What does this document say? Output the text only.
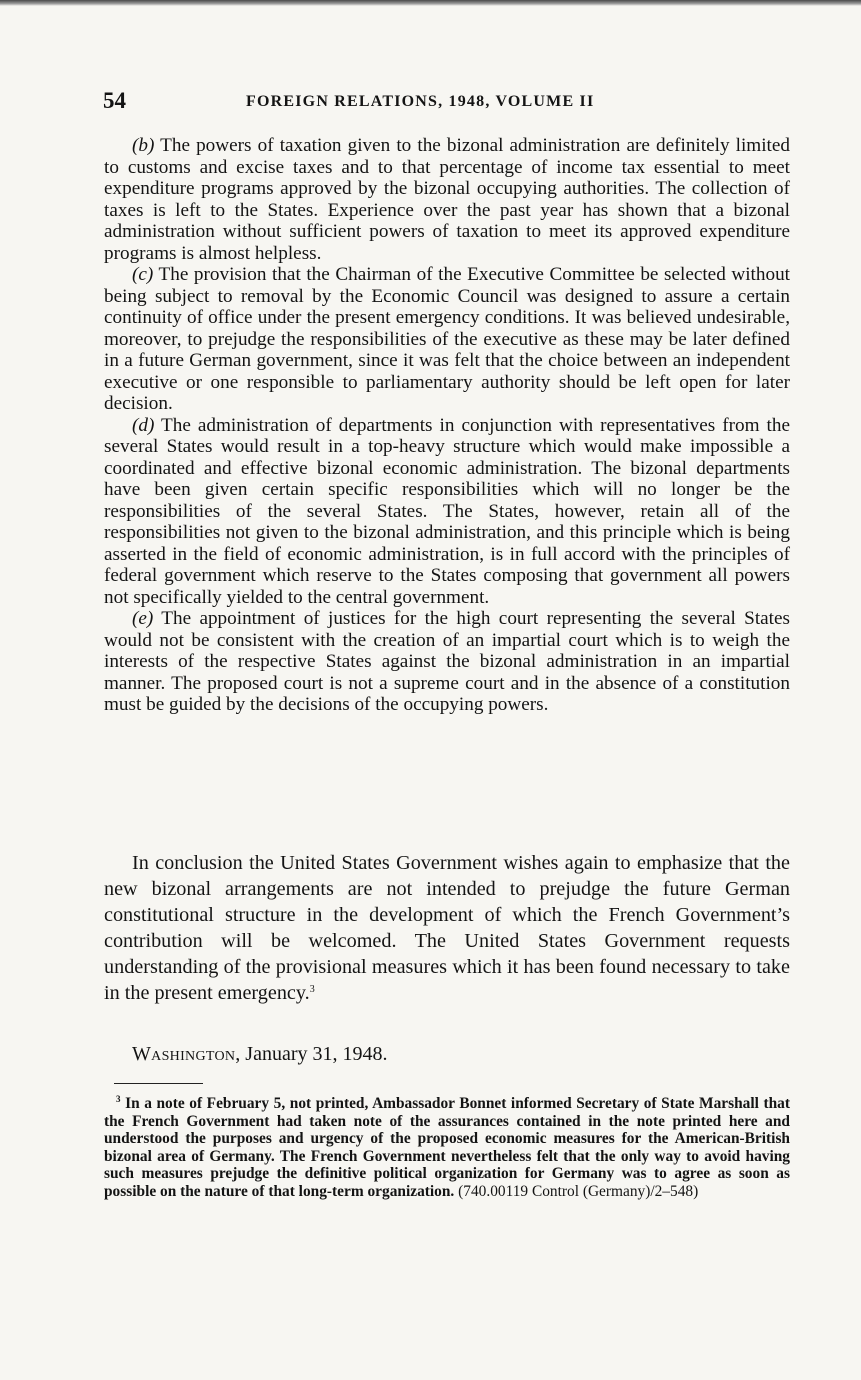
54	FOREIGN RELATIONS, 1948, VOLUME II

(b) The powers of taxation given to the bizonal administration are definitely limited to customs and excise taxes and to that percentage of income tax essential to meet expenditure programs approved by the bizonal occupying authorities. The collection of taxes is left to the States. Experience over the past year has shown that a bizonal administration without sufficient powers of taxation to meet its approved expenditure programs is almost helpless.

(c) The provision that the Chairman of the Executive Committee be selected without being subject to removal by the Economic Council was designed to assure a certain continuity of office under the present emergency conditions. It was believed undesirable, moreover, to prejudge the responsibilities of the executive as these may be later defined in a future German government, since it was felt that the choice between an independent executive or one responsible to parliamentary authority should be left open for later decision.

(d) The administration of departments in conjunction with representatives from the several States would result in a top-heavy structure which would make impossible a coordinated and effective bizonal economic administration. The bizonal departments have been given certain specific responsibilities which will no longer be the responsibilities of the several States. The States, however, retain all of the responsibilities not given to the bizonal administration, and this principle which is being asserted in the field of economic administration, is in full accord with the principles of federal government which reserve to the States composing that government all powers not specifically yielded to the central government.

(e) The appointment of justices for the high court representing the several States would not be consistent with the creation of an impartial court which is to weigh the interests of the respective States against the bizonal administration in an impartial manner. The proposed court is not a supreme court and in the absence of a constitution must be guided by the decisions of the occupying powers.

In conclusion the United States Government wishes again to emphasize that the new bizonal arrangements are not intended to prejudge the future German constitutional structure in the development of which the French Government’s contribution will be welcomed. The United States Government requests understanding of the provisional measures which it has been found necessary to take in the present emergency.$^3$

Washington, January 31, 1948.

$^3$ In a note of February 5, not printed, Ambassador Bonnet informed Secretary of State Marshall that the French Government had taken note of the assurances contained in the note printed here and understood the purposes and urgency of the proposed economic measures for the American-British bizonal area of Germany. The French Government nevertheless felt that the only way to avoid having such measures prejudge the definitive political organization for Germany was to agree as soon as possible on the nature of that long-term organization. (740.00119 Control (Germany)/2–548)
